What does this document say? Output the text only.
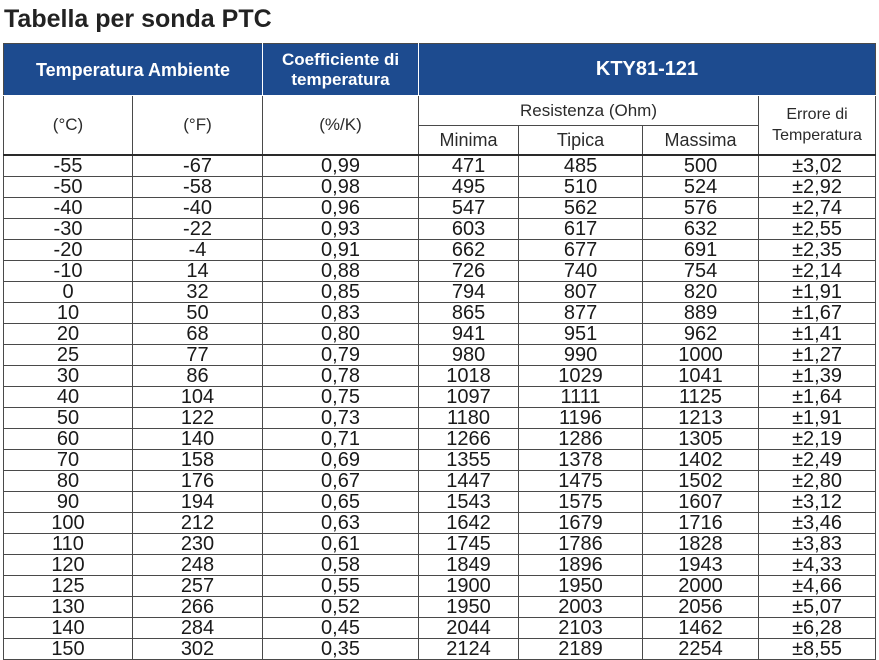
Tabella per sonda PTC
Temperatura Ambiente		Coefficiente di temperatura	KTY81-121			
(°C)	(°F)	(%/K)	Resistenza (Ohm)			Errore di Temperatura
			Minima	Tipica	Massima	
-55	-67	0,99	471	485	500	±3,02
-50	-58	0,98	495	510	524	±2,92
-40	-40	0,96	547	562	576	±2,74
-30	-22	0,93	603	617	632	±2,55
-20	-4	0,91	662	677	691	±2,35
-10	14	0,88	726	740	754	±2,14
0	32	0,85	794	807	820	±1,91
10	50	0,83	865	877	889	±1,67
20	68	0,80	941	951	962	±1,41
25	77	0,79	980	990	1000	±1,27
30	86	0,78	1018	1029	1041	±1,39
40	104	0,75	1097	1111	1125	±1,64
50	122	0,73	1180	1196	1213	±1,91
60	140	0,71	1266	1286	1305	±2,19
70	158	0,69	1355	1378	1402	±2,49
80	176	0,67	1447	1475	1502	±2,80
90	194	0,65	1543	1575	1607	±3,12
100	212	0,63	1642	1679	1716	±3,46
110	230	0,61	1745	1786	1828	±3,83
120	248	0,58	1849	1896	1943	±4,33
125	257	0,55	1900	1950	2000	±4,66
130	266	0,52	1950	2003	2056	±5,07
140	284	0,45	2044	2103	1462	±6,28
150	302	0,35	2124	2189	2254	±8,55
